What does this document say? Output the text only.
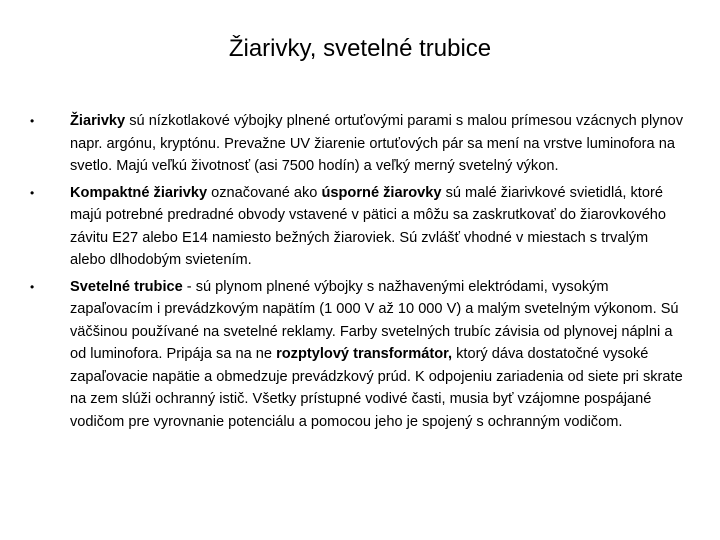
Žiarivky, svetelné trubice
• Žiarivky sú nízkotlakové výbojky plnené ortuťovými parami s malou prímesou vzácnych plynov napr. argónu, kryptónu. Prevažne UV žiarenie ortuťových pár sa mení na vrstve luminofora na svetlo. Majú veľkú životnosť (asi 7500 hodín) a veľký merný svetelný výkon.
• Kompaktné žiarivky označované ako úsporné žiarovky sú malé žiarivkové svietidlá, ktoré majú potrebné predradné obvody vstavené v pätici a môžu sa zaskrutkovať do žiarovkového závitu E27 alebo E14 namiesto bežných žiaroviek. Sú zvlášť vhodné v miestach s trvalým alebo dlhodobým svietením.
• Svetelné trubice - sú plynom plnené výbojky s nažhavenými elektródami, vysokým zapaľovacím i prevádzkovým napätím (1 000 V až 10 000 V) a malým svetelným výkonom. Sú väčšinou používané na svetelné reklamy. Farby svetelných trubíc závisia od plynovej náplni a od luminofora. Pripája sa na ne rozptylový transformátor, ktorý dáva dostatočné vysoké zapaľovacie napätie a obmedzuje prevádzkový prúd. K odpojeniu zariadenia od siete pri skrate na zem slúži ochranný istič. Všetky prístupné vodivé časti, musia byť vzájomne pospájané vodičom pre vyrovnanie potenciálu a pomocou jeho je spojený s ochranným vodičom.
